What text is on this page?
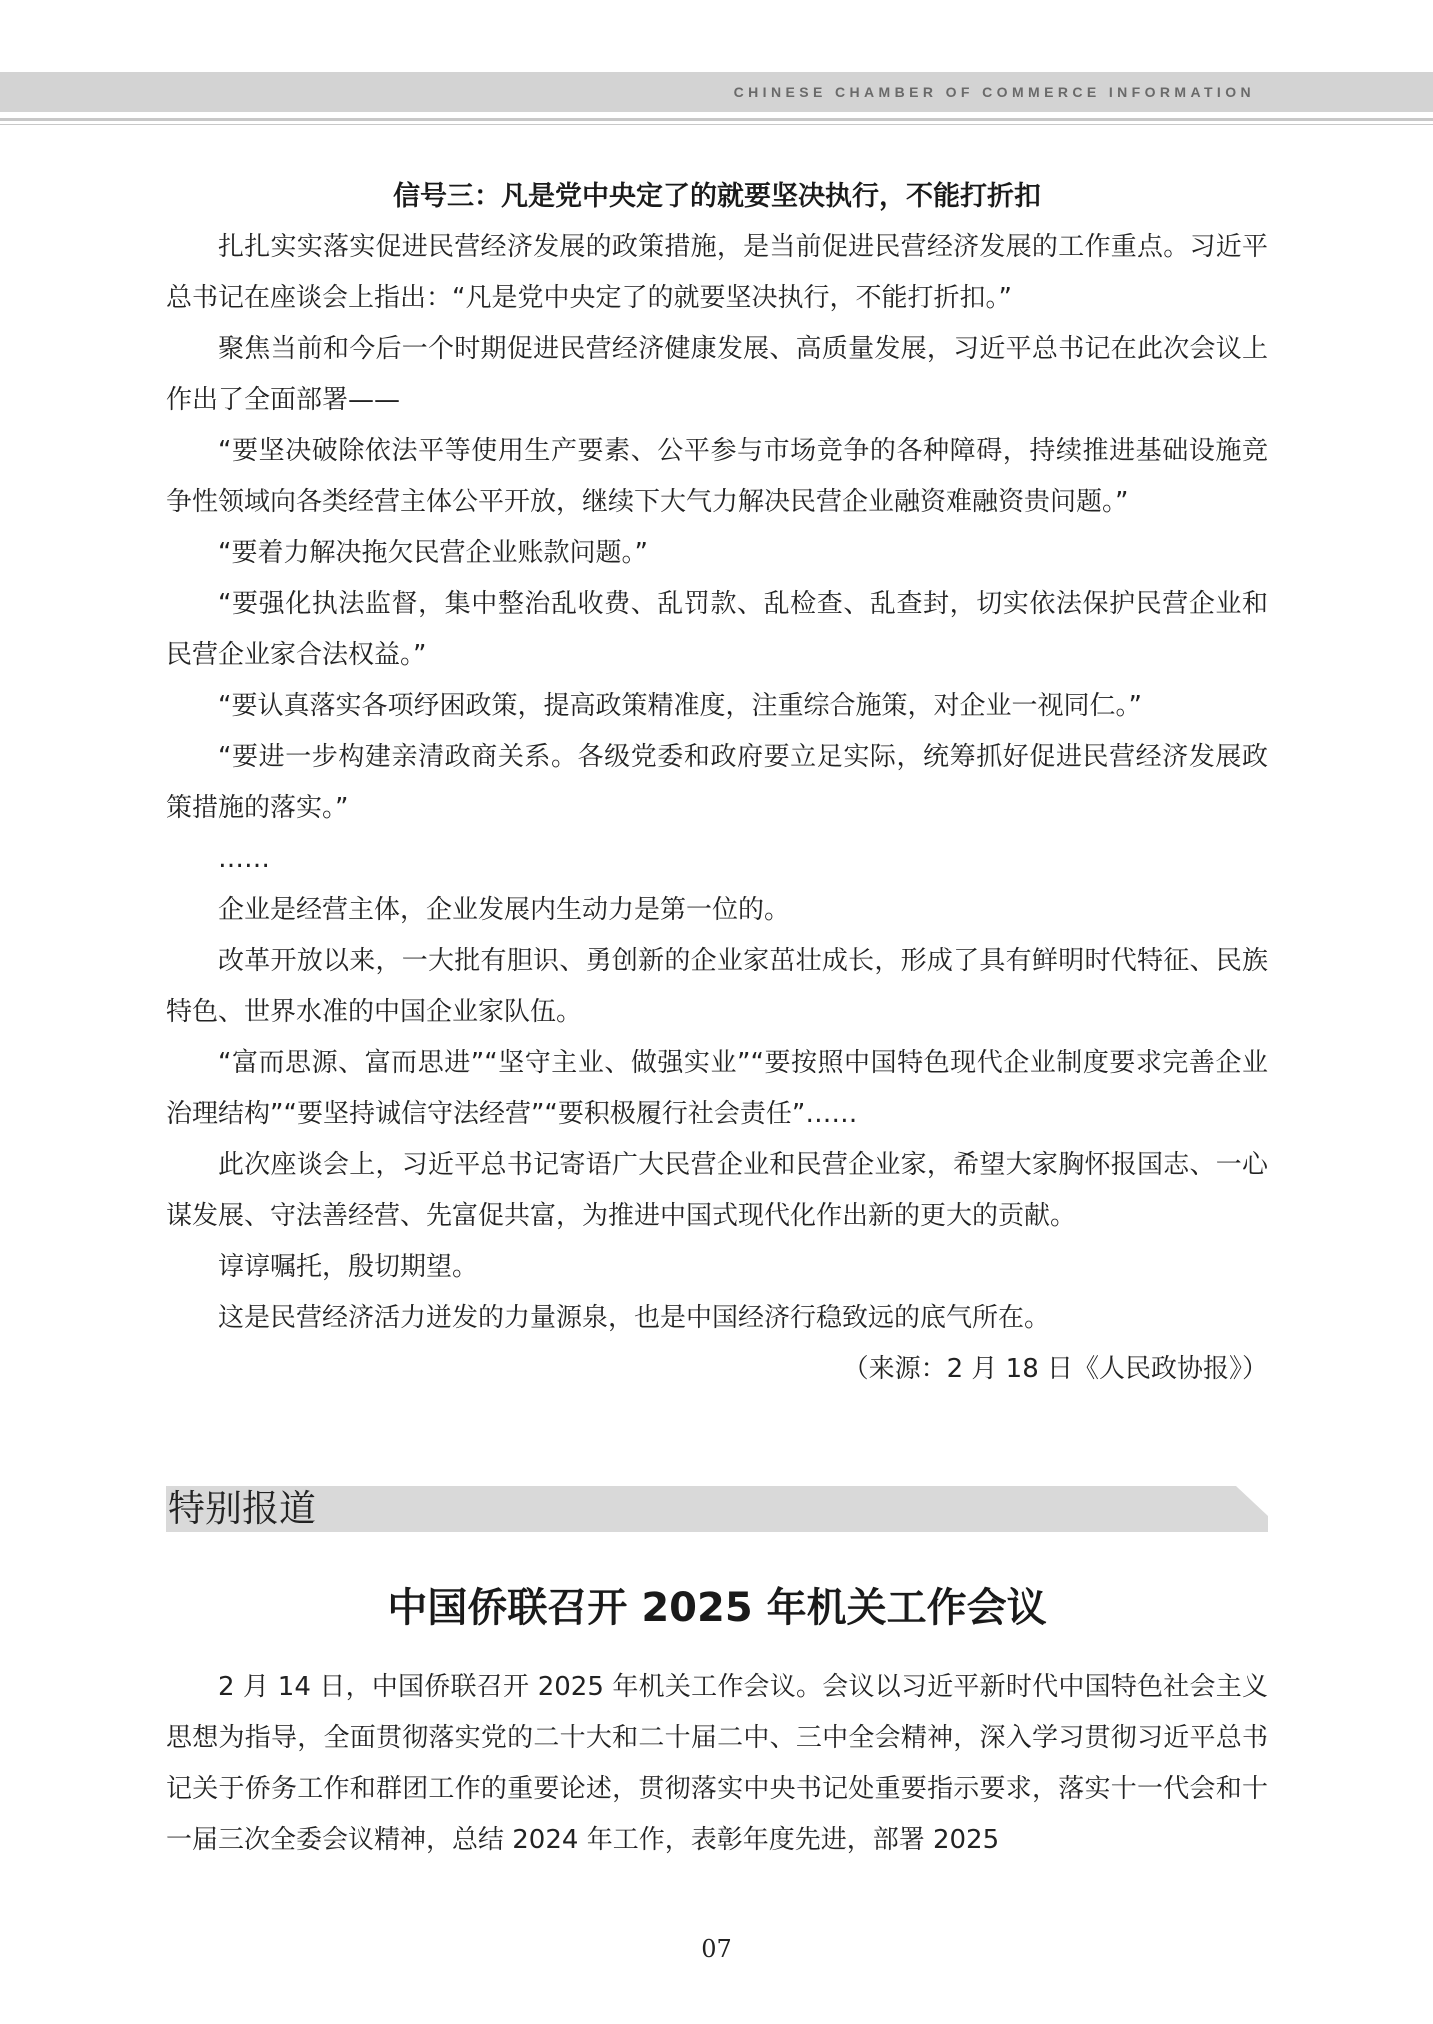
CHINESE CHAMBER OF COMMERCE INFORMATION
信号三：凡是党中央定了的就要坚决执行，不能打折扣

扎扎实实落实促进民营经济发展的政策措施，是当前促进民营经济发展的工作重点。习近平总书记在座谈会上指出：“凡是党中央定了的就要坚决执行，不能打折扣。”

聚焦当前和今后一个时期促进民营经济健康发展、高质量发展，习近平总书记在此次会议上作出了全面部署——

“要坚决破除依法平等使用生产要素、公平参与市场竞争的各种障碍，持续推进基础设施竞争性领域向各类经营主体公平开放，继续下大气力解决民营企业融资难融资贵问题。”

“要着力解决拖欠民营企业账款问题。”

“要强化执法监督，集中整治乱收费、乱罚款、乱检查、乱查封，切实依法保护民营企业和民营企业家合法权益。”

“要认真落实各项纾困政策，提高政策精准度，注重综合施策，对企业一视同仁。”

“要进一步构建亲清政商关系。各级党委和政府要立足实际，统筹抓好促进民营经济发展政策措施的落实。”

……

企业是经营主体，企业发展内生动力是第一位的。

改革开放以来，一大批有胆识、勇创新的企业家茁壮成长，形成了具有鲜明时代特征、民族特色、世界水准的中国企业家队伍。

“富而思源、富而思进”“坚守主业、做强实业”“要按照中国特色现代企业制度要求完善企业治理结构”“要坚持诚信守法经营”“要积极履行社会责任”……

此次座谈会上，习近平总书记寄语广大民营企业和民营企业家，希望大家胸怀报国志、一心谋发展、守法善经营、先富促共富，为推进中国式现代化作出新的更大的贡献。

谆谆嘱托，殷切期望。

这是民营经济活力迸发的力量源泉，也是中国经济行稳致远的底气所在。

（来源：2 月 18 日《人民政协报》）

特别报道
中国侨联召开 2025 年机关工作会议

2 月 14 日，中国侨联召开 2025 年机关工作会议。会议以习近平新时代中国特色社会主义思想为指导，全面贯彻落实党的二十大和二十届二中、三中全会精神，深入学习贯彻习近平总书记关于侨务工作和群团工作的重要论述，贯彻落实中央书记处重要指示要求，落实十一代会和十一届三次全委会议精神，总结 2024 年工作，表彰年度先进，部署 2025

07
